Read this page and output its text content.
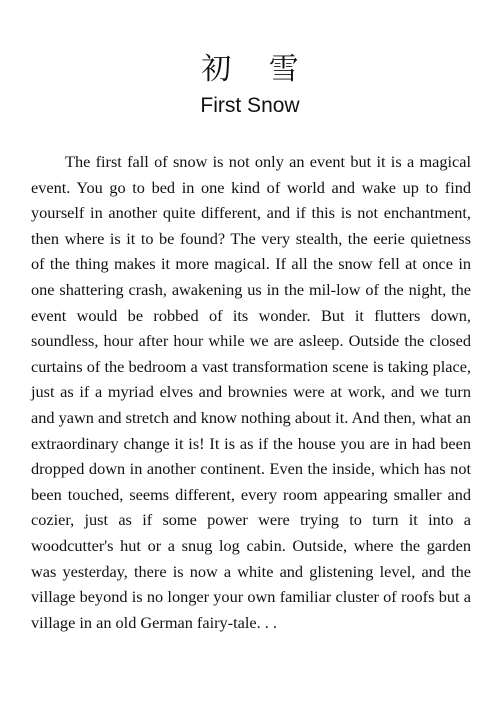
初 雪
First Snow

The first fall of snow is not only an event but it is a magical event. You go to bed in one kind of world and wake up to find yourself in another quite different, and if this is not enchantment, then where is it to be found? The very stealth, the eerie quietness of the thing makes it more magical. If all the snow fell at once in one shattering crash, awakening us in the mil-low of the night, the event would be robbed of its wonder. But it flutters down, soundless, hour after hour while we are asleep. Outside the closed curtains of the bedroom a vast transformation scene is taking place, just as if a myriad elves and brownies were at work, and we turn and yawn and stretch and know nothing about it. And then, what an extraordinary change it is! It is as if the house you are in had been dropped down in another continent. Even the inside, which has not been touched, seems different, every room appearing smaller and cozier, just as if some power were trying to turn it into a woodcutter's hut or a snug log cabin. Outside, where the garden was yesterday, there is now a white and glistening level, and the village beyond is no longer your own familiar cluster of roofs but a village in an old German fairy-tale. . .
